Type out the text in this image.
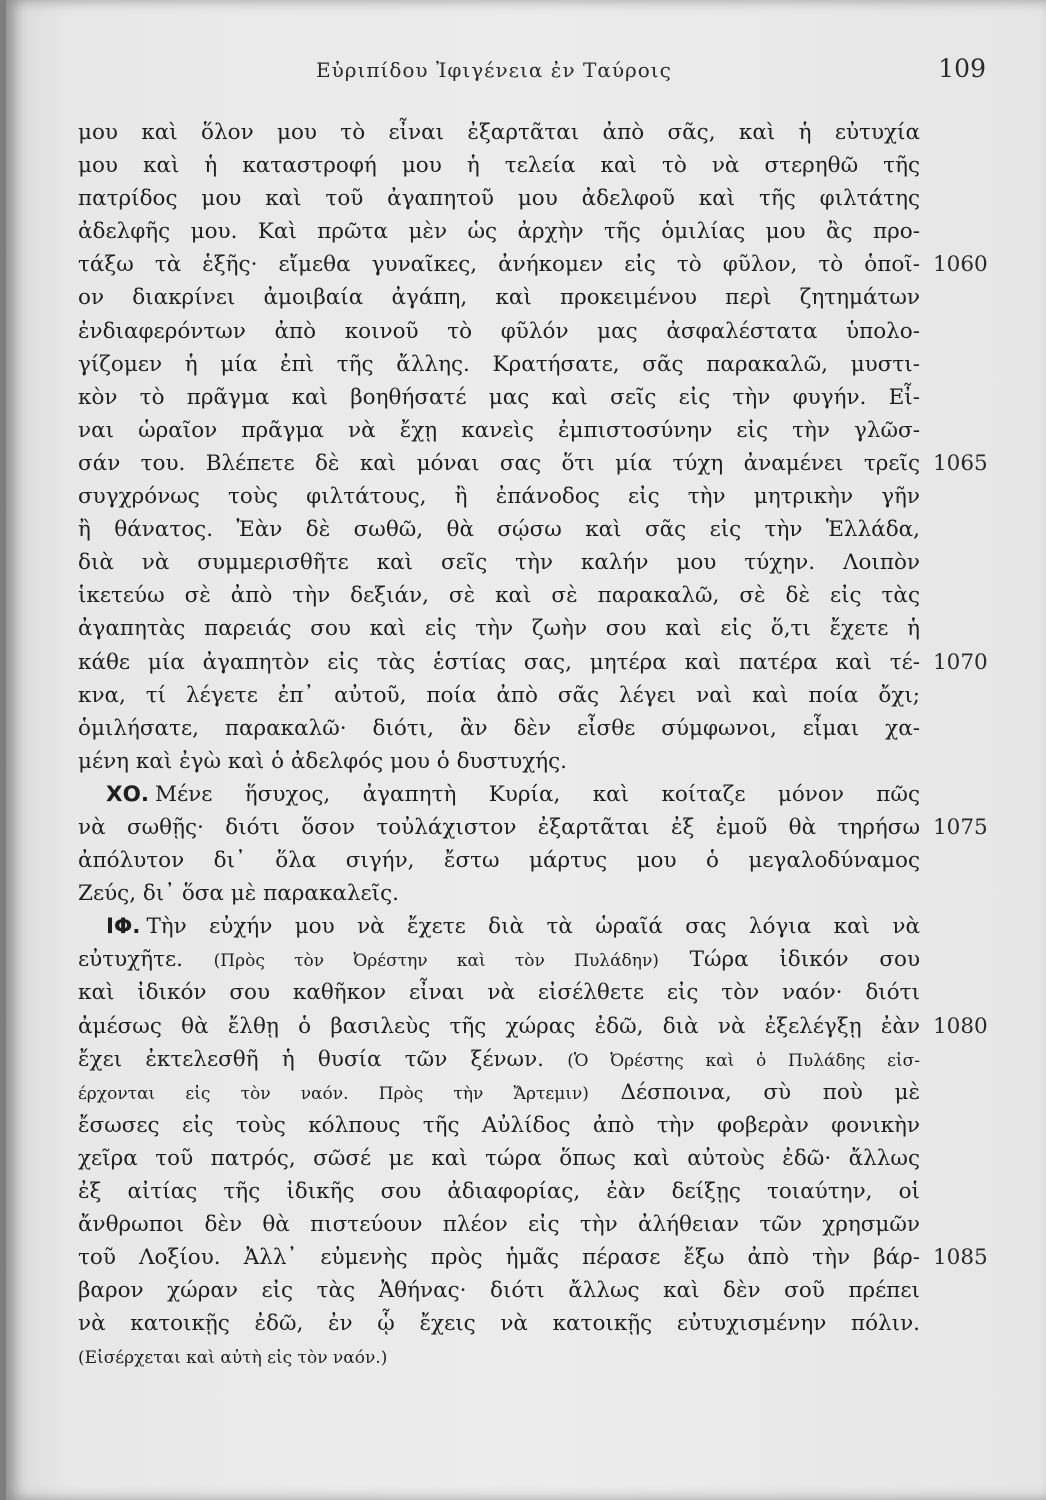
Εὐριπίδου Ἰφιγένεια ἐν Ταύροις	109
μου καὶ ὅλον μου τὸ εἶναι ἐξαρτᾶται ἀπὸ σᾶς, καὶ ἡ εὐτυχία
μου καὶ ἡ καταστροφή μου ἡ τελεία καὶ τὸ νὰ στερηθῶ τῆς
πατρίδος μου καὶ τοῦ ἀγαπητοῦ μου ἀδελφοῦ καὶ τῆς φιλτάτης
ἀδελφῆς μου. Καὶ πρῶτα μὲν ὡς ἀρχὴν τῆς ὁμιλίας μου ἂς προ-
τάξω τὰ ἑξῆς· εἴμεθα γυναῖκες, ἀνήκομεν εἰς τὸ φῦλον, τὸ ὁποῖ- 1060
ον διακρίνει ἀμοιβαία ἀγάπη, καὶ προκειμένου περὶ ζητημάτων
ἐνδιαφερόντων ἀπὸ κοινοῦ τὸ φῦλόν μας ἀσφαλέστατα ὑπολο-
γίζομεν ἡ μία ἐπὶ τῆς ἄλλης. Κρατήσατε, σᾶς παρακαλῶ, μυστι-
κὸν τὸ πρᾶγμα καὶ βοηθήσατέ μας καὶ σεῖς εἰς τὴν φυγήν. Εἶ-
ναι ὡραῖον πρᾶγμα νὰ ἔχῃ κανεὶς ἐμπιστοσύνην εἰς τὴν γλῶσ-
σάν του. Βλέπετε δὲ καὶ μόναι σας ὅτι μία τύχη ἀναμένει τρεῖς 1065
συγχρόνως τοὺς φιλτάτους, ἢ ἐπάνοδος εἰς τὴν μητρικὴν γῆν
ἢ θάνατος. Ἐὰν δὲ σωθῶ, θὰ σῴσω καὶ σᾶς εἰς τὴν Ἑλλάδα,
διὰ νὰ συμμερισθῆτε καὶ σεῖς τὴν καλήν μου τύχην. Λοιπὸν
ἱκετεύω σὲ ἀπὸ τὴν δεξιάν, σὲ καὶ σὲ παρακαλῶ, σὲ δὲ εἰς τὰς
ἀγαπητὰς παρειάς σου καὶ εἰς τὴν ζωὴν σου καὶ εἰς ὅ,τι ἔχετε ἡ
κάθε μία ἀγαπητὸν εἰς τὰς ἑστίας σας, μητέρα καὶ πατέρα καὶ τέ- 1070
κνα, τί λέγετε ἐπ᾽ αὐτοῦ, ποία ἀπὸ σᾶς λέγει ναὶ καὶ ποία ὄχι;
ὁμιλήσατε, παρακαλῶ· διότι, ἂν δὲν εἶσθε σύμφωνοι, εἶμαι χα-
μένη καὶ ἐγὼ καὶ ὁ ἀδελφός μου ὁ δυστυχής.
ΧΟ. Μένε ἥσυχος, ἀγαπητὴ Κυρία, καὶ κοίταζε μόνον πῶς
νὰ σωθῇς· διότι ὅσον τοὐλάχιστον ἐξαρτᾶται ἐξ ἐμοῦ θὰ τηρήσω 1075
ἀπόλυτον δι᾽ ὅλα σιγήν, ἔστω μάρτυς μου ὁ μεγαλοδύναμος
Ζεύς, δι᾽ ὅσα μὲ παρακαλεῖς.
ΙΦ. Τὴν εὐχήν μου νὰ ἔχετε διὰ τὰ ὡραῖά σας λόγια καὶ νὰ
εὐτυχῆτε. (Πρὸς τὸν Ὀρέστην καὶ τὸν Πυλάδην) Τώρα ἰδικόν σου
καὶ ἰδικόν σου καθῆκον εἶναι νὰ εἰσέλθετε εἰς τὸν ναόν· διότι
ἀμέσως θὰ ἔλθῃ ὁ βασιλεὺς τῆς χώρας ἐδῶ, διὰ νὰ ἐξελέγξῃ ἐὰν 1080
ἔχει ἐκτελεσθῆ ἡ θυσία τῶν ξένων. (Ὁ Ὀρέστης καὶ ὁ Πυλάδης εἰσ-
έρχονται εἰς τὸν ναόν. Πρὸς τὴν Ἄρτεμιν) Δέσποινα, σὺ ποὺ μὲ
ἔσωσες εἰς τοὺς κόλπους τῆς Αὐλίδος ἀπὸ τὴν φοβερὰν φονικὴν
χεῖρα τοῦ πατρός, σῶσέ με καὶ τώρα ὅπως καὶ αὐτοὺς ἐδῶ· ἄλλως
ἐξ αἰτίας τῆς ἰδικῆς σου ἀδιαφορίας, ἐὰν δείξῃς τοιαύτην, οἱ
ἄνθρωποι δὲν θὰ πιστεύουν πλέον εἰς τὴν ἀλήθειαν τῶν χρησμῶν
τοῦ Λοξίου. Ἀλλ᾽ εὐμενὴς πρὸς ἡμᾶς πέρασε ἔξω ἀπὸ τὴν βάρ- 1085
βαρον χώραν εἰς τὰς Ἀθήνας· διότι ἄλλως καὶ δὲν σοῦ πρέπει
νὰ κατοικῇς ἐδῶ, ἐν ᾧ ἔχεις νὰ κατοικῇς εὐτυχισμένην πόλιν.
(Εἰσέρχεται καὶ αὐτὴ εἰς τὸν ναόν.)
